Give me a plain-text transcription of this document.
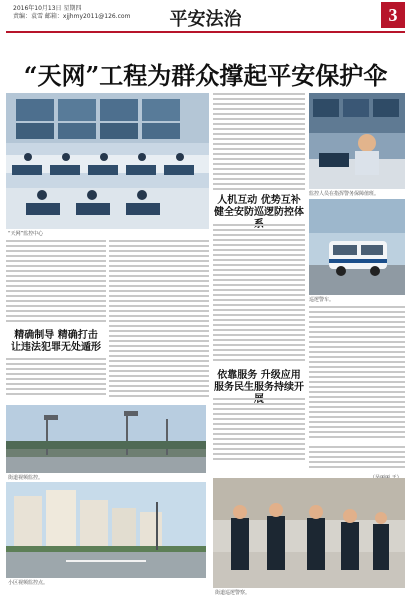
2016年10月13日 星期四
责编：袁雪 邮箱：xjjhmy2011@126.com	平安法治	3
“天网”工程为群众撑起平安保护伞
“天网”监控中心
精确制导 精确打击
让违法犯罪无处遁形
人机互动 优势互补
健全安防巡逻防控体
监控人员在指挥警务保障值班。
巡逻警车。
依靠服务 升级应用
服务民生服务持续开
街道视频监控。
小区视频监控点。
街道巡逻警察。
